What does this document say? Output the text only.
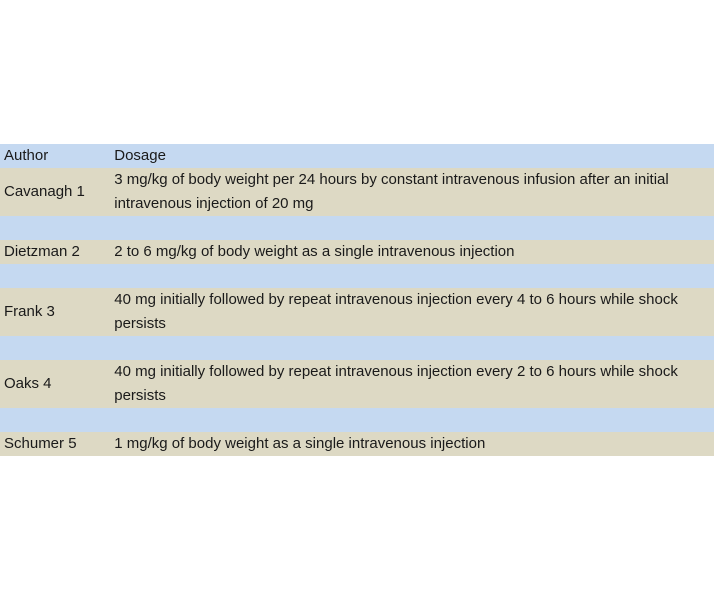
Author	Dosage
Cavanagh 1	3 mg/kg of body weight per 24 hours by constant intravenous infusion after an initial intravenous injection of 20 mg

Dietzman 2	2 to 6 mg/kg of body weight as a single intravenous injection

Frank 3	40 mg initially followed by repeat intravenous injection every 4 to 6 hours while shock persists

Oaks 4	40 mg initially followed by repeat intravenous injection every 2 to 6 hours while shock persists

Schumer 5	1 mg/kg of body weight as a single intravenous injection
